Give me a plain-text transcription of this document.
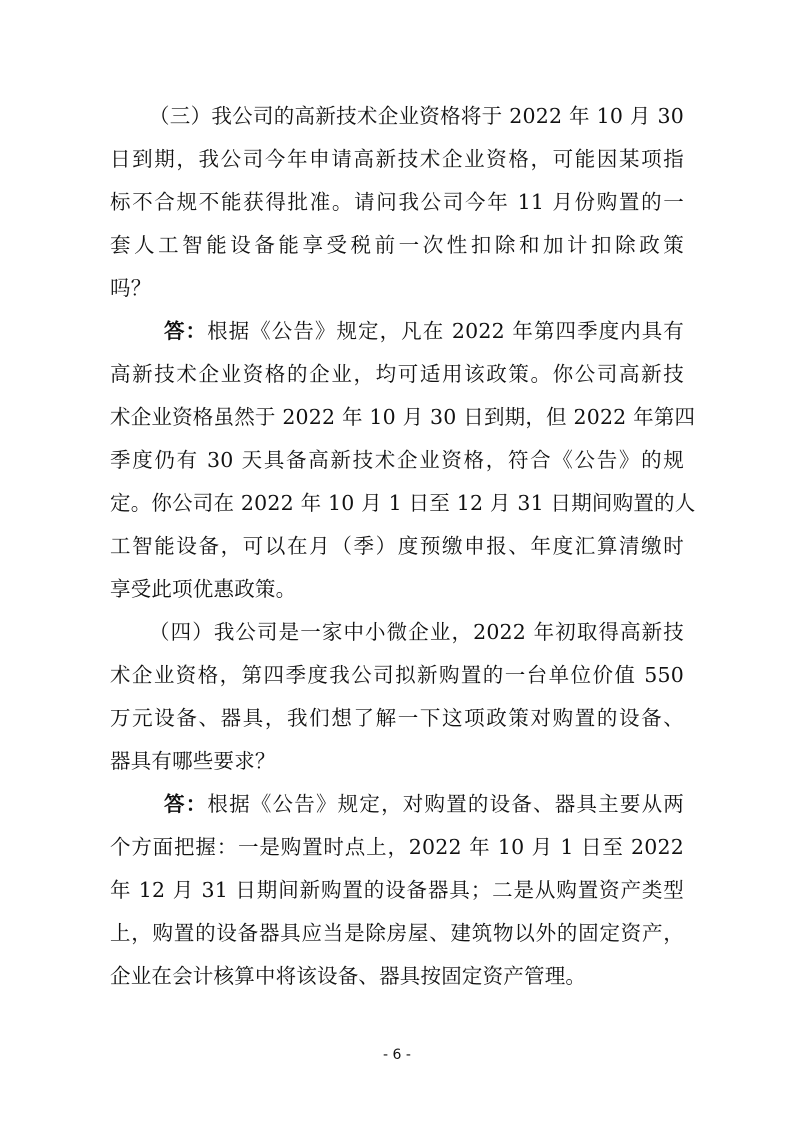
（三）我公司的高新技术企业资格将于 2022 年 10 月 30
日到期，我公司今年申请高新技术企业资格，可能因某项指
标不合规不能获得批准。请问我公司今年 11 月份购置的一
套人工智能设备能享受税前一次性扣除和加计扣除政策
吗？
答：根据《公告》规定，凡在 2022 年第四季度内具有
高新技术企业资格的企业，均可适用该政策。你公司高新技
术企业资格虽然于 2022 年 10 月 30 日到期，但 2022 年第四
季度仍有 30 天具备高新技术企业资格，符合《公告》的规
定。你公司在 2022 年 10 月 1 日至 12 月 31 日期间购置的人
工智能设备，可以在月（季）度预缴申报、年度汇算清缴时
享受此项优惠政策。
（四）我公司是一家中小微企业，2022 年初取得高新技
术企业资格，第四季度我公司拟新购置的一台单位价值 550
万元设备、器具，我们想了解一下这项政策对购置的设备、
器具有哪些要求？
答：根据《公告》规定，对购置的设备、器具主要从两
个方面把握：一是购置时点上，2022 年 10 月 1 日至 2022
年 12 月 31 日期间新购置的设备器具；二是从购置资产类型
上，购置的设备器具应当是除房屋、建筑物以外的固定资产，
企业在会计核算中将该设备、器具按固定资产管理。
- 6 -
